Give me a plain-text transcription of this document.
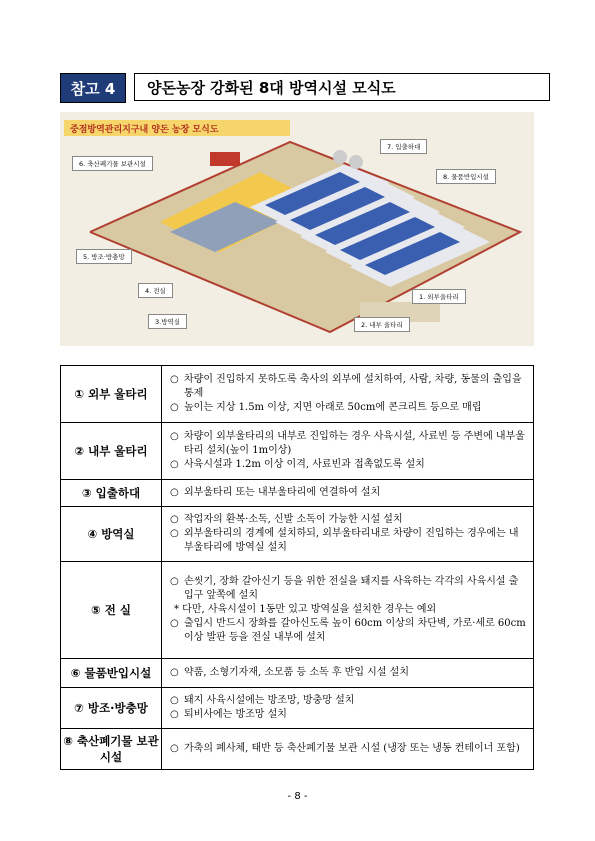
참고 4	양돈농장 강화된 8대 방역시설 모식도
중점방역관리지구내 양돈 농장 모식도
6. 축산폐기물 보관시설
7. 입출하대
8. 물품반입시설
5. 방조·방충망
4. 전실
3.방역실	2. 내부 울타리
1. 외부울타리
① 외부 울타리	○ 차량이 진입하지 못하도록 축사의 외부에 설치하여, 사람, 차량, 동물의 출입을 통제
○ 높이는 지상 1.5m 이상, 지면 아래로 50cm에 콘크리트 등으로 매립

② 내부 울타리	○ 차량이 외부울타리의 내부로 진입하는 경우 사육시설, 사료빈 등 주변에 내부울타리 설치(높이 1m이상)
○ 사육시설과 1.2m 이상 이격, 사료빈과 접촉없도록 설치

③ 입출하대	○ 외부울타리 또는 내부울타리에 연결하여 설치

④ 방역실	○ 작업자의 환복·소독, 신발 소독이 가능한 시설 설치
○ 외부울타리의 경계에 설치하되, 외부울타리내로 차량이 진입하는 경우에는 내부울타리에 방역실 설치

⑤ 전 실	○ 손씻기, 장화 갈아신기 등을 위한 전실을 돼지를 사육하는 각각의 사육시설 출입구 앞쪽에 설치
* 다만, 사육시설이 1동만 있고 방역실을 설치한 경우는 예외
○ 출입시 반드시 장화를 갈아신도록 높이 60cm 이상의 차단벽, 가로·세로 60cm이상 발판 등을 전실 내부에 설치

⑥ 물품반입시설	○ 약품, 소형기자재, 소모품 등 소독 후 반입 시설 설치

⑦ 방조·방충망	○ 돼지 사육시설에는 방조망, 방충망 설치
○ 퇴비사에는 방조망 설치

⑧ 축산폐기물 보관시설	○ 가축의 폐사체, 태반 등 축산폐기물 보관 시설 (냉장 또는 냉동 컨테이너 포함)
- 8 -
